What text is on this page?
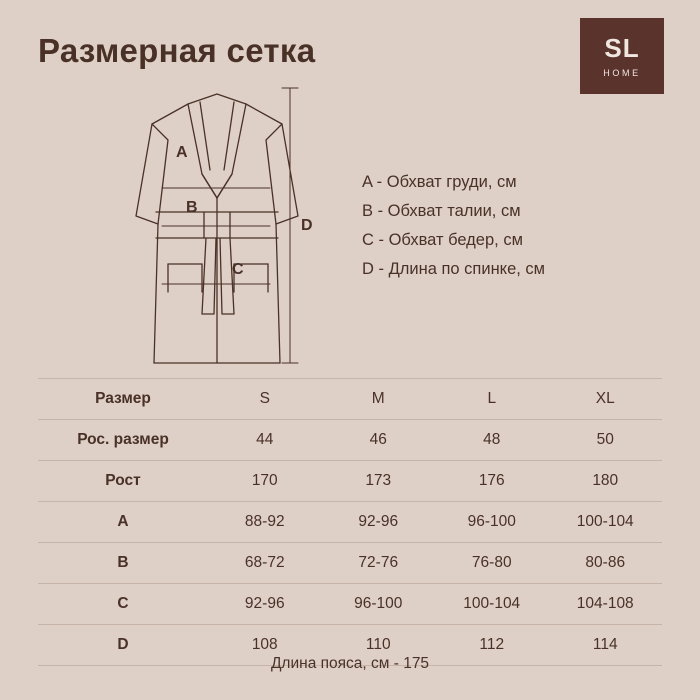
Размерная сетка	SL
HOME
A
B
C
D
A - Обхват груди, см
B - Обхват талии, см
C - Обхват бедер, см
D - Длина по спинке, см
Размер	S	M	L	XL
Рос. размер	44	46	48	50
Рост	170	173	176	180
A	88-92	92-96	96-100	100-104
B	68-72	72-76	76-80	80-86
C	92-96	96-100	100-104	104-108
D	108	110	112	114
Длина пояса, см - 175
